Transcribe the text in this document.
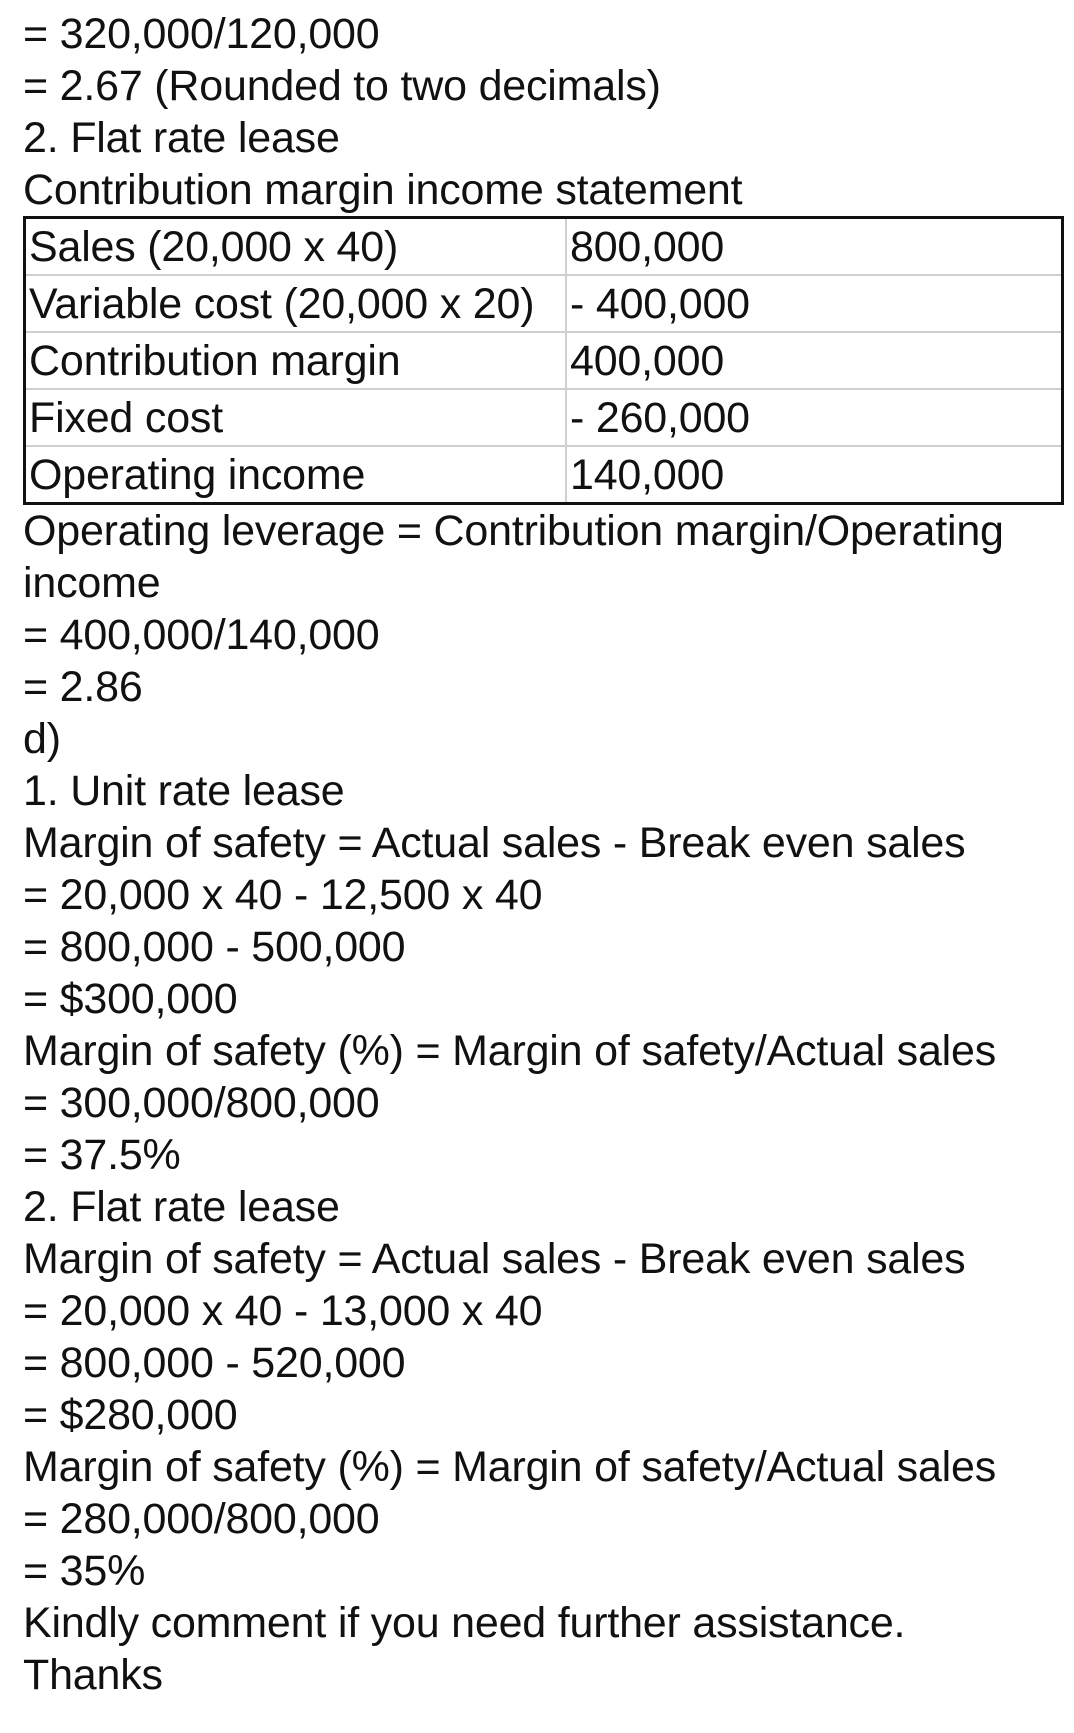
= 320,000/120,000
= 2.67 (Rounded to two decimals)
2. Flat rate lease
Contribution margin income statement
Sales (20,000 x 40)	800,000
Variable cost (20,000 x 20)	- 400,000
Contribution margin	400,000
Fixed cost	- 260,000
Operating income	140,000
Operating leverage = Contribution margin/Operating income
= 400,000/140,000
= 2.86
d)
1. Unit rate lease
Margin of safety = Actual sales - Break even sales
= 20,000 x 40 - 12,500 x 40
= 800,000 - 500,000
= $300,000
Margin of safety (%) = Margin of safety/Actual sales
= 300,000/800,000
= 37.5%
2. Flat rate lease
Margin of safety = Actual sales - Break even sales
= 20,000 x 40 - 13,000 x 40
= 800,000 - 520,000
= $280,000
Margin of safety (%) = Margin of safety/Actual sales
= 280,000/800,000
= 35%
Kindly comment if you need further assistance.
Thanks
